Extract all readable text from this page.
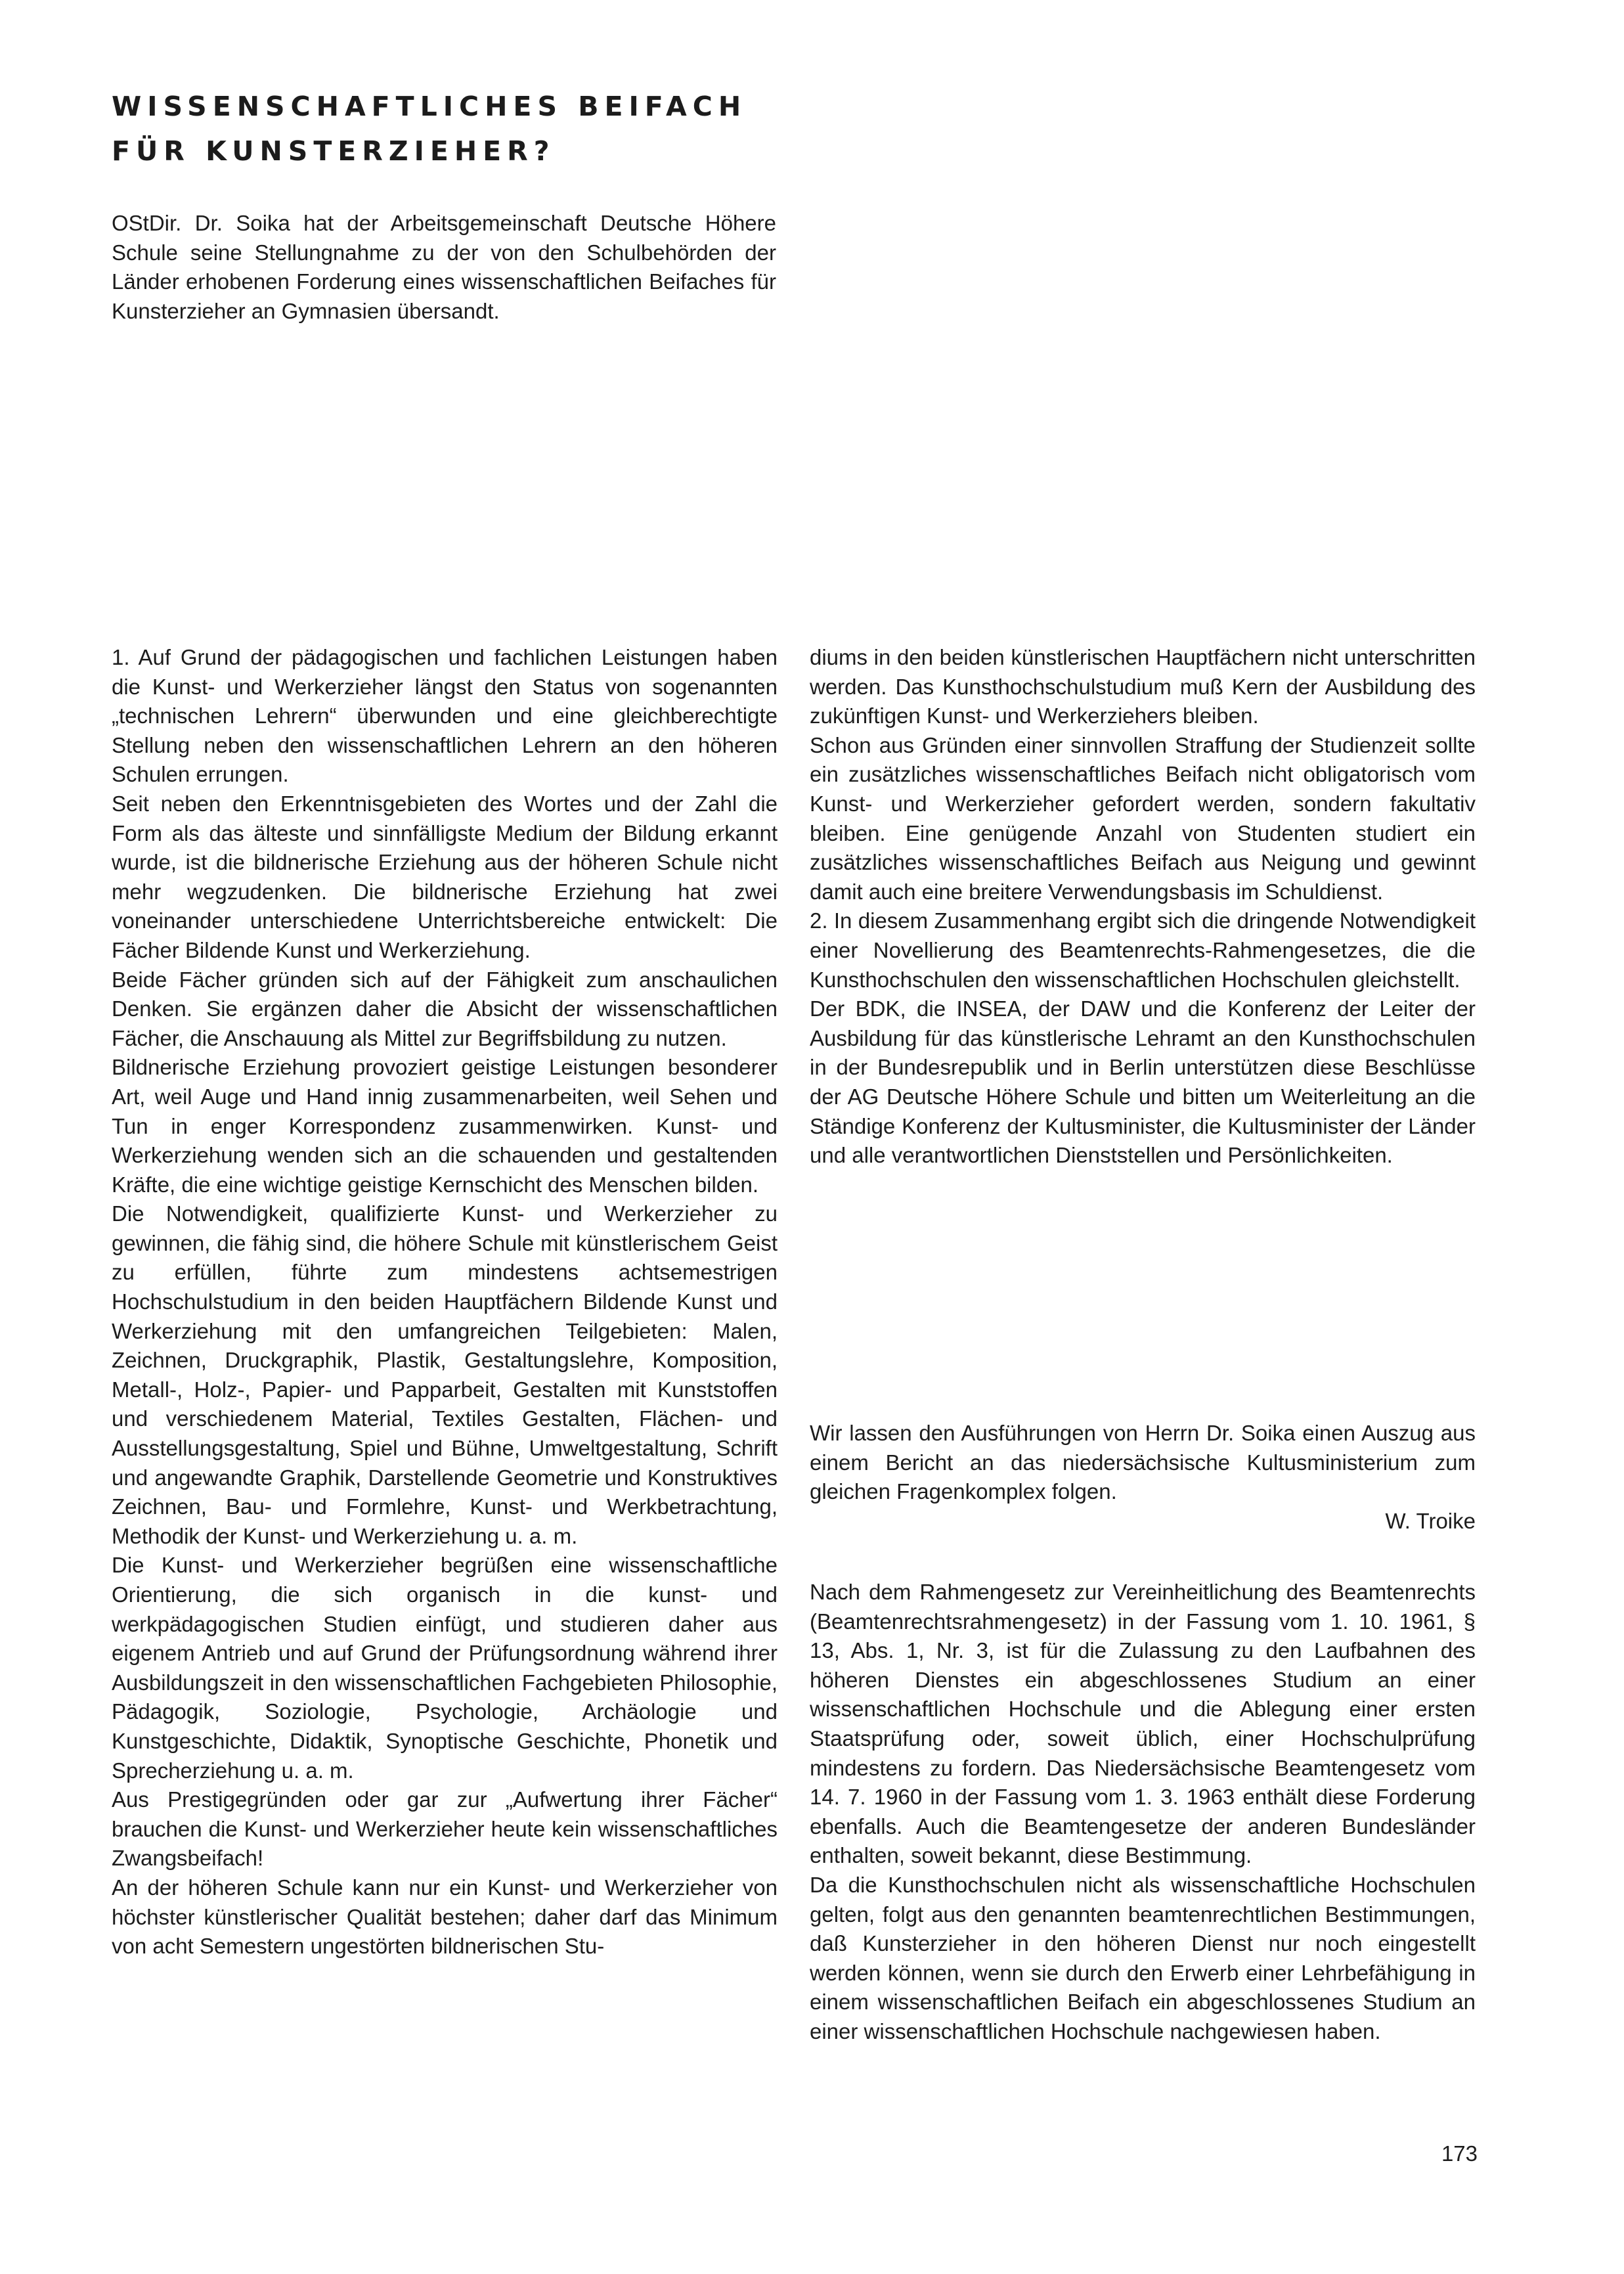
WISSENSCHAFTLICHES BEIFACH
FÜR KUNSTERZIEHER?

OStDir. Dr. Soika hat der Arbeitsgemeinschaft Deutsche Höhere Schule seine Stellungnahme zu der von den Schulbehörden der Länder erhobenen Forderung eines wissenschaftlichen Beifaches für Kunsterzieher an Gymnasien übersandt.

1. Auf Grund der pädagogischen und fachlichen Leistungen haben die Kunst- und Werkerzieher längst den Status von sogenannten „technischen Lehrern“ überwunden und eine gleichberechtigte Stellung neben den wissenschaftlichen Lehrern an den höheren Schulen errungen.

Seit neben den Erkenntnisgebieten des Wortes und der Zahl die Form als das älteste und sinnfälligste Medium der Bildung erkannt wurde, ist die bildnerische Erziehung aus der höheren Schule nicht mehr wegzudenken. Die bildnerische Erziehung hat zwei voneinander unterschiedene Unterrichtsbereiche entwickelt: Die Fächer Bildende Kunst und Werkerziehung.

Beide Fächer gründen sich auf der Fähigkeit zum anschaulichen Denken. Sie ergänzen daher die Absicht der wissenschaftlichen Fächer, die Anschauung als Mittel zur Begriffsbildung zu nutzen.

Bildnerische Erziehung provoziert geistige Leistungen besonderer Art, weil Auge und Hand innig zusammenarbeiten, weil Sehen und Tun in enger Korrespondenz zusammenwirken. Kunst- und Werkerziehung wenden sich an die schauenden und gestaltenden Kräfte, die eine wichtige geistige Kernschicht des Menschen bilden.

Die Notwendigkeit, qualifizierte Kunst- und Werkerzieher zu gewinnen, die fähig sind, die höhere Schule mit künstlerischem Geist zu erfüllen, führte zum mindestens achtsemestrigen Hochschulstudium in den beiden Hauptfächern Bildende Kunst und Werkerziehung mit den umfangreichen Teilgebieten: Malen, Zeichnen, Druckgraphik, Plastik, Gestaltungslehre, Komposition, Metall-, Holz-, Papier- und Papparbeit, Gestalten mit Kunststoffen und verschiedenem Material, Textiles Gestalten, Flächen- und Ausstellungsgestaltung, Spiel und Bühne, Umweltgestaltung, Schrift und angewandte Graphik, Darstellende Geometrie und Konstruktives Zeichnen, Bau- und Formlehre, Kunst- und Werkbetrachtung, Methodik der Kunst- und Werkerziehung u. a. m.

Die Kunst- und Werkerzieher begrüßen eine wissenschaftliche Orientierung, die sich organisch in die kunst- und werkpädagogischen Studien einfügt, und studieren daher aus eigenem Antrieb und auf Grund der Prüfungsordnung während ihrer Ausbildungszeit in den wissenschaftlichen Fachgebieten Philosophie, Pädagogik, Soziologie, Psychologie, Archäologie und Kunstgeschichte, Didaktik, Synoptische Geschichte, Phonetik und Sprecherziehung u. a. m.

Aus Prestigegründen oder gar zur „Aufwertung ihrer Fächer“ brauchen die Kunst- und Werkerzieher heute kein wissenschaftliches Zwangsbeifach!

An der höheren Schule kann nur ein Kunst- und Werkerzieher von höchster künstlerischer Qualität bestehen; daher darf das Minimum von acht Semestern ungestörten bildnerischen Stu-

diums in den beiden künstlerischen Hauptfächern nicht unterschritten werden. Das Kunsthochschulstudium muß Kern der Ausbildung des zukünftigen Kunst- und Werkerziehers bleiben.

Schon aus Gründen einer sinnvollen Straffung der Studienzeit sollte ein zusätzliches wissenschaftliches Beifach nicht obligatorisch vom Kunst- und Werkerzieher gefordert werden, sondern fakultativ bleiben. Eine genügende Anzahl von Studenten studiert ein zusätzliches wissenschaftliches Beifach aus Neigung und gewinnt damit auch eine breitere Verwendungsbasis im Schuldienst.

2. In diesem Zusammenhang ergibt sich die dringende Notwendigkeit einer Novellierung des Beamtenrechts-Rahmengesetzes, die die Kunsthochschulen den wissenschaftlichen Hochschulen gleichstellt.

Der BDK, die INSEA, der DAW und die Konferenz der Leiter der Ausbildung für das künstlerische Lehramt an den Kunsthochschulen in der Bundesrepublik und in Berlin unterstützen diese Beschlüsse der AG Deutsche Höhere Schule und bitten um Weiterleitung an die Ständige Konferenz der Kultusminister, die Kultusminister der Länder und alle verantwortlichen Dienststellen und Persönlichkeiten.

Wir lassen den Ausführungen von Herrn Dr. Soika einen Auszug aus einem Bericht an das niedersächsische Kultusministerium zum gleichen Fragenkomplex folgen.

W. Troike

Nach dem Rahmengesetz zur Vereinheitlichung des Beamtenrechts (Beamtenrechtsrahmengesetz) in der Fassung vom 1. 10. 1961, § 13, Abs. 1, Nr. 3, ist für die Zulassung zu den Laufbahnen des höheren Dienstes ein abgeschlossenes Studium an einer wissenschaftlichen Hochschule und die Ablegung einer ersten Staatsprüfung oder, soweit üblich, einer Hochschulprüfung mindestens zu fordern. Das Niedersächsische Beamtengesetz vom 14. 7. 1960 in der Fassung vom 1. 3. 1963 enthält diese Forderung ebenfalls. Auch die Beamtengesetze der anderen Bundesländer enthalten, soweit bekannt, diese Bestimmung.

Da die Kunsthochschulen nicht als wissenschaftliche Hochschulen gelten, folgt aus den genannten beamtenrechtlichen Bestimmungen, daß Kunsterzieher in den höheren Dienst nur noch eingestellt werden können, wenn sie durch den Erwerb einer Lehrbefähigung in einem wissenschaftlichen Beifach ein abgeschlossenes Studium an einer wissenschaftlichen Hochschule nachgewiesen haben.

173
